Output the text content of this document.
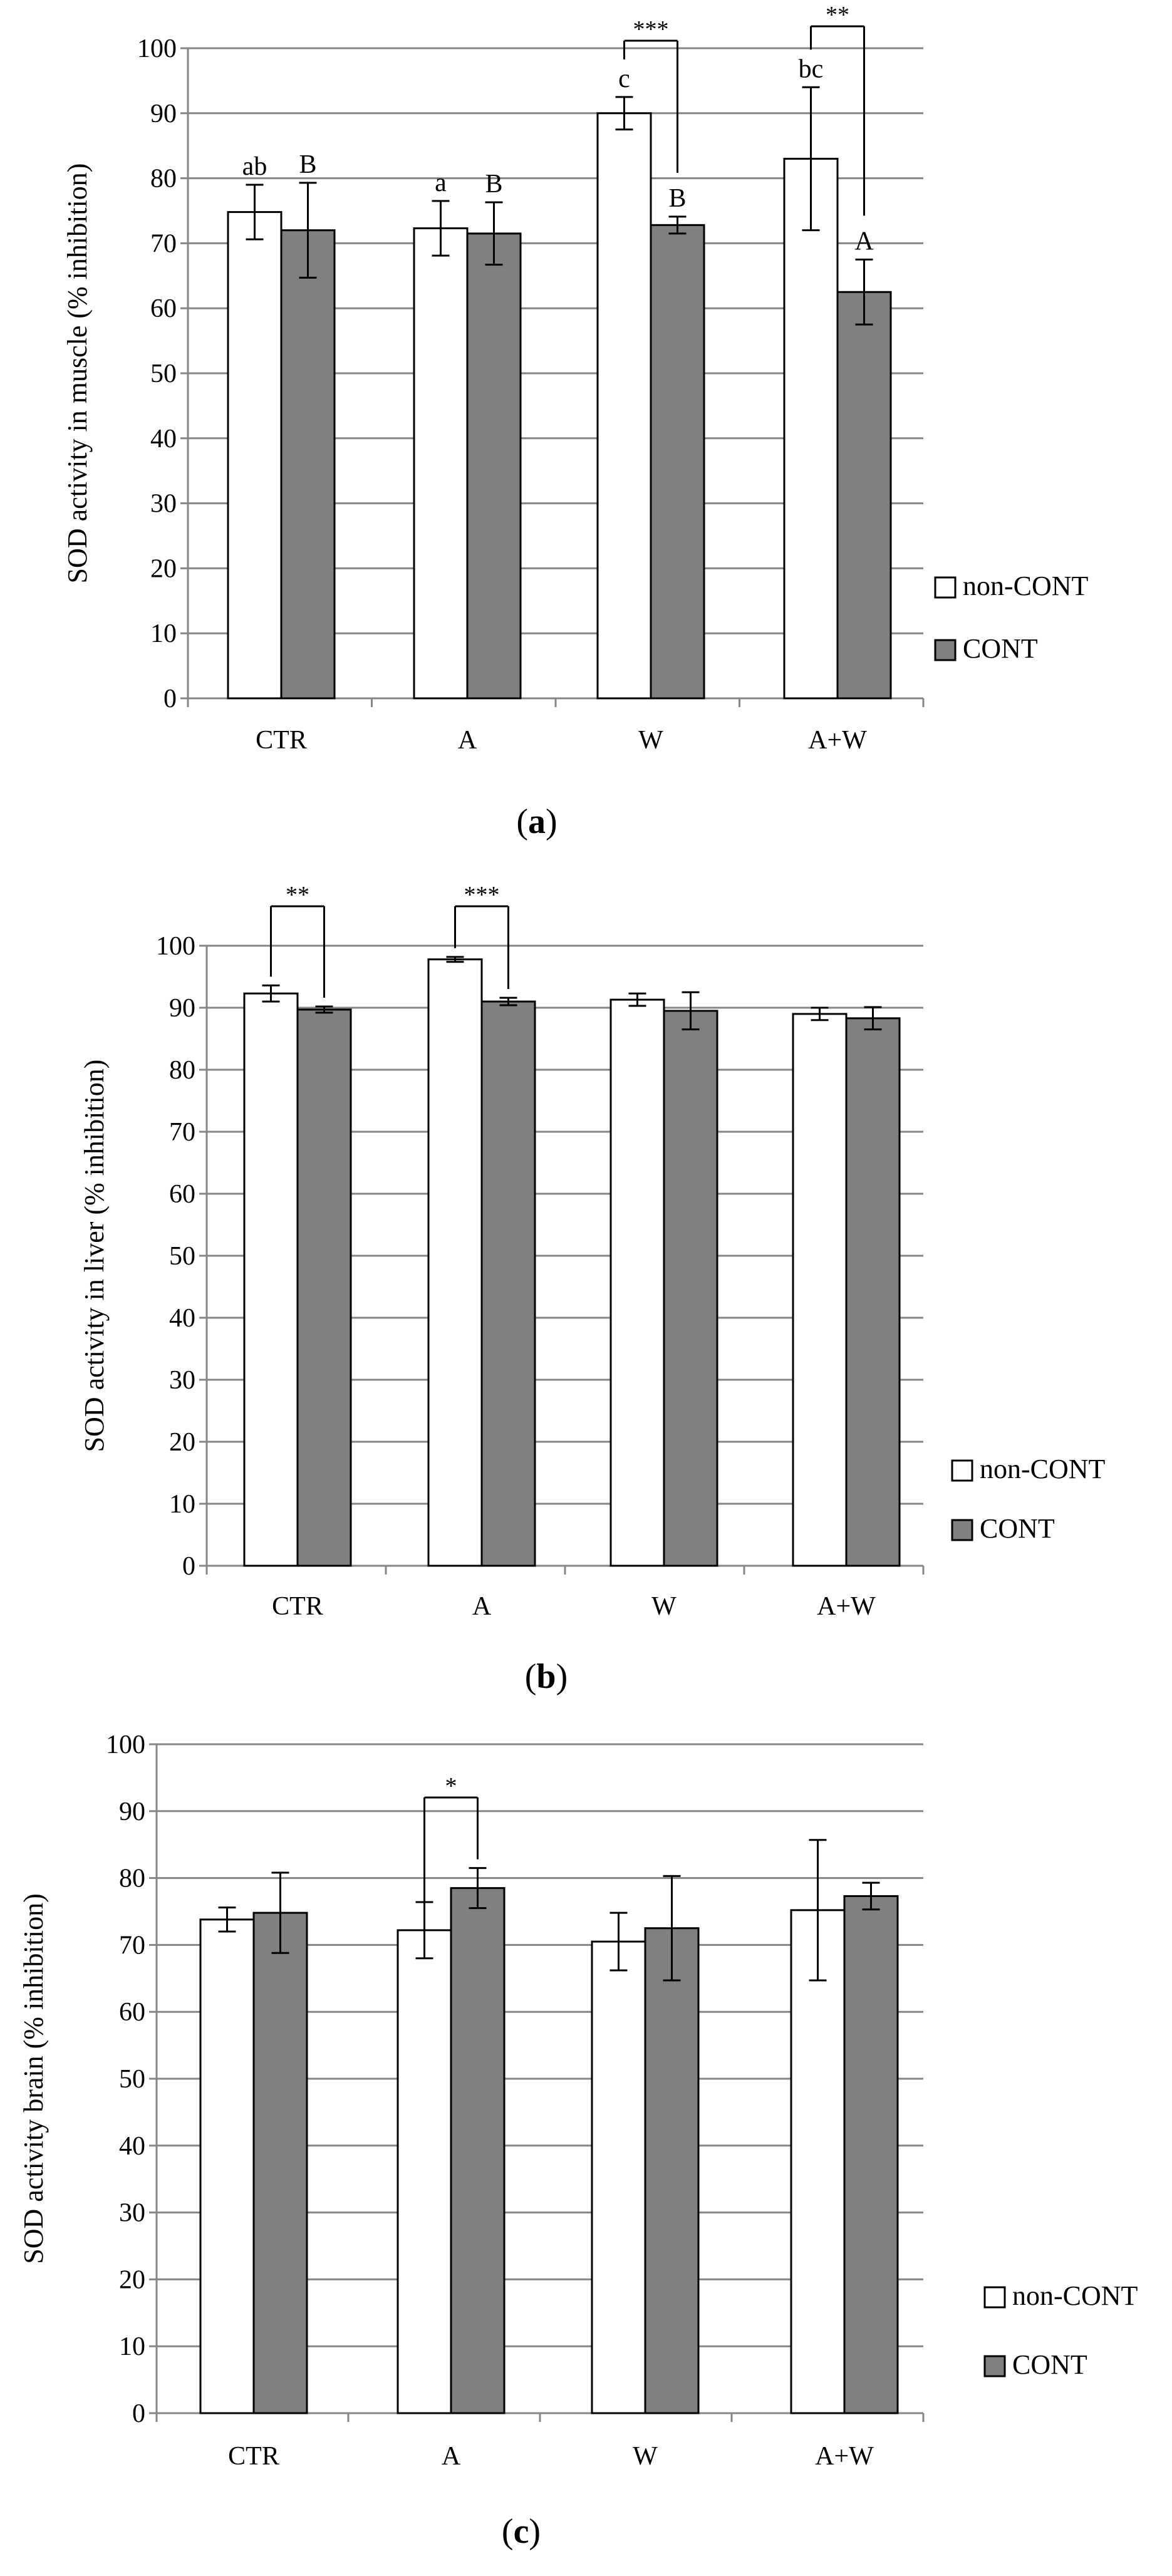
0
10
20
30
40
50
60
70
80
90
100
SOD activity in muscle (% inhibition)
CTR
ab B
A
a B
W
c
B
A+W
bc
A
***
**
non-CONT
CONT
(a)
0
10
20
30
40
50
60
70
80
90
100
SOD activity in liver (% inhibition)
CTR	A	W	A+W
**	***
non-CONT
CONT
(b)
0
10
20
30
40
50
60
70
80
90
100
SOD activity brain (% inhibition)
CTR	A	W	A+W
*
non-CONT
CONT
(c)
